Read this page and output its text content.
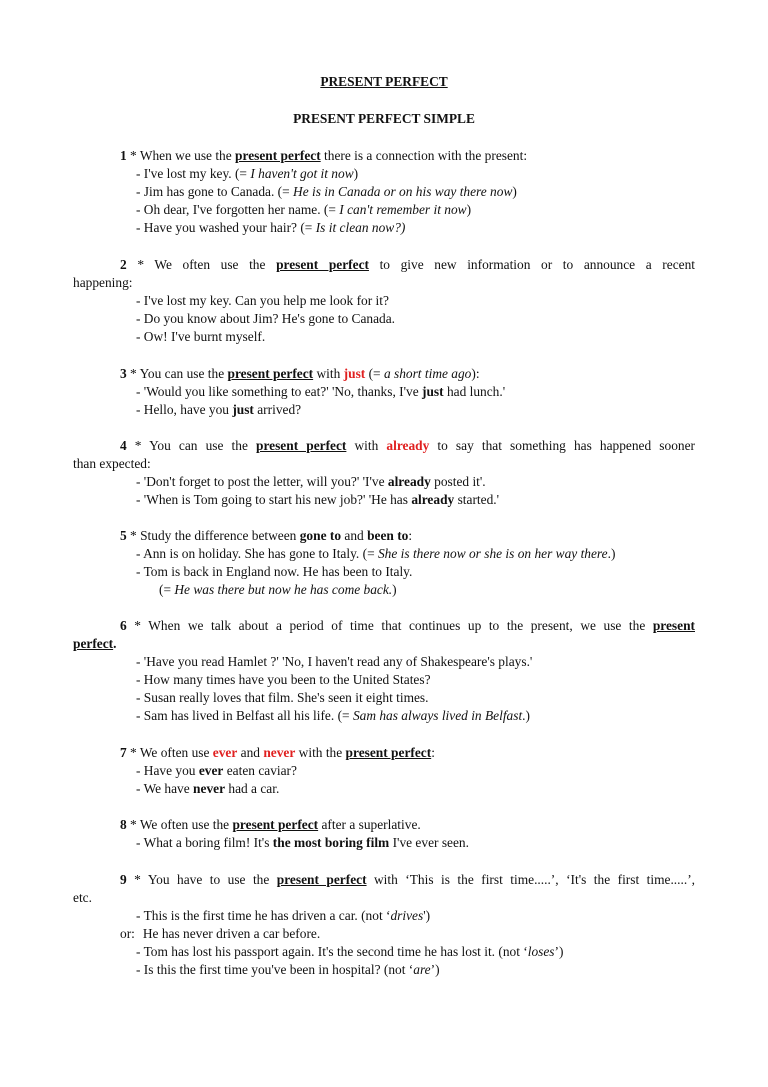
PRESENT PERFECT
PRESENT PERFECT SIMPLE
1 * When we use the present perfect there is a connection with the present:
- I've lost my key. (= I haven't got it now)
- Jim has gone to Canada. (= He is in Canada or on his way there now)
- Oh dear, I've forgotten her name. (= I can't remember it now)
- Have you washed your hair? (= Is it clean now?)
2 * We often use the present perfect to give new information or to announce a recent
happening:
- I've lost my key. Can you help me look for it?
- Do you know about Jim? He's gone to Canada.
- Ow! I've burnt myself.
3 * You can use the present perfect with just (= a short time ago):
- 'Would you like something to eat?' 'No, thanks, I've just had lunch.'
- Hello, have you just arrived?
4 * You can use the present perfect with already to say that something has happened sooner
than expected:
- 'Don't forget to post the letter, will you?' 'I've already posted it'.
- 'When is Tom going to start his new job?' 'He has already started.'
5 * Study the difference between gone to and been to:
- Ann is on holiday. She has gone to Italy. (= She is there now or she is on her way there.)
- Tom is back in England now. He has been to Italy.
(= He was there but now he has come back.)
6 * When we talk about a period of time that continues up to the present, we use the present
perfect.
- 'Have you read Hamlet ?' 'No, I haven't read any of Shakespeare's plays.'
- How many times have you been to the United States?
- Susan really loves that film. She's seen it eight times.
- Sam has lived in Belfast all his life. (= Sam has always lived in Belfast.)
7 * We often use ever and never with the present perfect:
- Have you ever eaten caviar?
- We have never had a car.
8 * We often use the present perfect after a superlative.
- What a boring film! It's the most boring film I've ever seen.
9 * You have to use the present perfect with ‘This is the first time.....’, ‘It's the first time.....’,
etc.
- This is the first time he has driven a car. (not ‘drives')
or: He has never driven a car before.
- Tom has lost his passport again. It's the second time he has lost it. (not ‘loses’)
- Is this the first time you've been in hospital? (not ‘are’)
